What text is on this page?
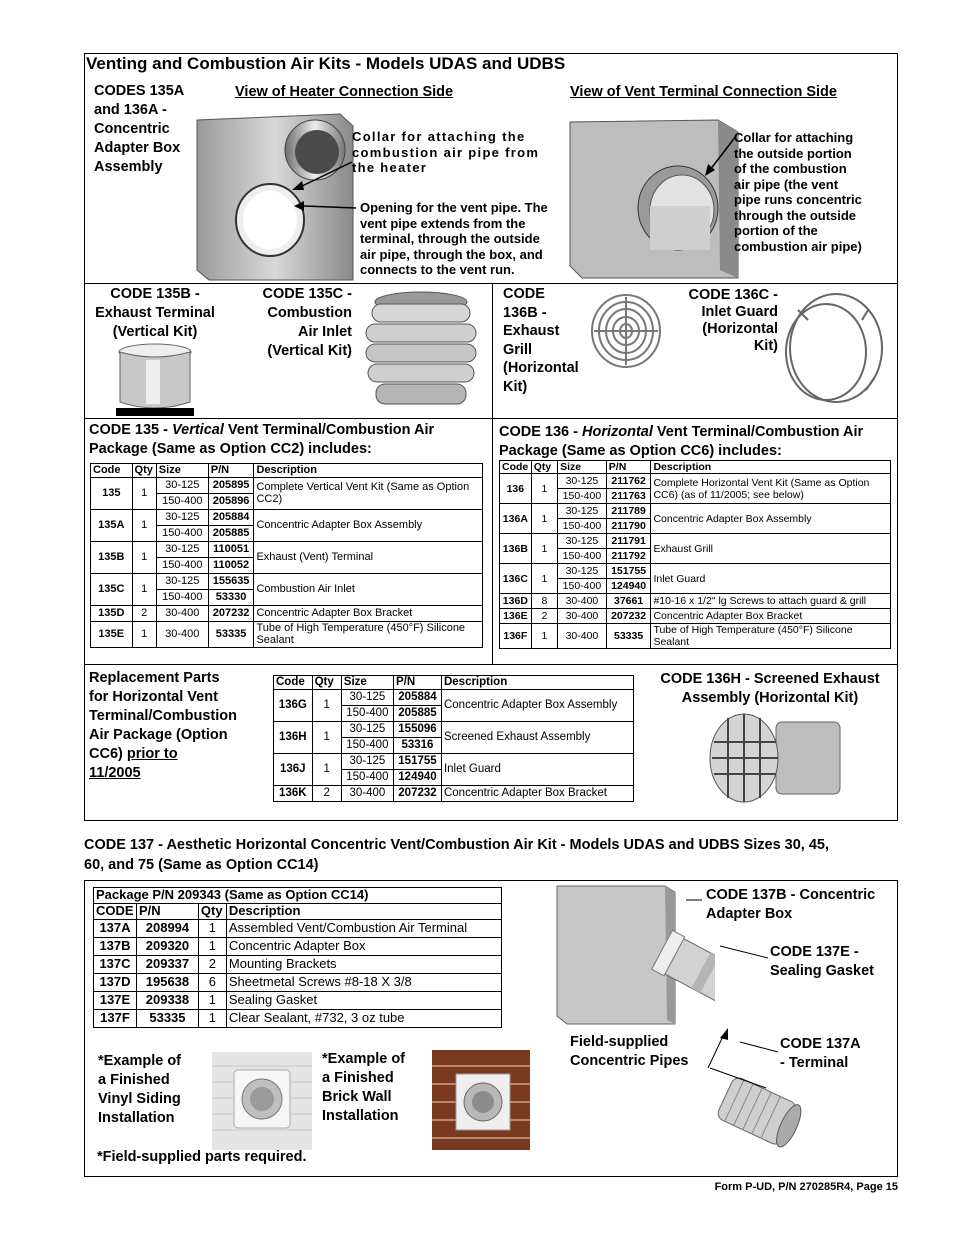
Venting and Combustion Air Kits - Models UDAS and UDBS
CODES 135A
and 136A -
Concentric
Adapter Box
Assembly
View of Heater Connection Side	View of Vent Terminal Connection Side
Collar for attaching the
combustion air pipe from
the heater
Opening for the vent pipe. The
vent pipe extends from the
terminal, through the outside
air pipe, through the box, and
connects to the vent run.
Collar for attaching
the outside portion
of the combustion
air pipe (the vent
pipe runs concentric
through the outside
portion of the
combustion air pipe)
CODE 135B -
Exhaust Terminal
(Vertical Kit)
CODE 135C -
Combustion
Air Inlet
(Vertical Kit)
CODE
136B -
Exhaust
Grill
(Horizontal
Kit)
CODE 136C -
Inlet Guard
(Horizontal
Kit)
CODE 135 - Vertical Vent Terminal/Combustion Air
Package (Same as Option CC2) includes:
Code	Qty	Size	P/N	Description
135	1	30-125	205895	Complete Vertical Vent Kit (Same as Option CC2)
		150-400	205896	
135A	1	30-125	205884	Concentric Adapter Box Assembly
		150-400	205885	
135B	1	30-125	110051	Exhaust (Vent) Terminal
		150-400	110052	
135C	1	30-125	155635	Combustion Air Inlet
		150-400	53330	
135D	2	30-400	207232	Concentric Adapter Box Bracket
135E	1	30-400	53335	Tube of High Temperature (450°F) Silicone Sealant
CODE 136 - Horizontal Vent Terminal/Combustion Air
Package (Same as Option CC6) includes:
Code	Qty	Size	P/N	Description
136	1	30-125	211762	Complete Horizontal Vent Kit (Same as Option CC6) (as of 11/2005; see below)
		150-400	211763	
136A	1	30-125	211789	Concentric Adapter Box Assembly
		150-400	211790	
136B	1	30-125	211791	Exhaust Grill
		150-400	211792	
136C	1	30-125	151755	Inlet Guard
		150-400	124940	
136D	8	30-400	37661	#10-16 x 1/2" lg Screws to attach guard & grill
136E	2	30-400	207232	Concentric Adapter Box Bracket
136F	1	30-400	53335	Tube of High Temperature (450°F) Silicone Sealant
Replacement Parts
for Horizontal Vent
Terminal/Combustion
Air Package (Option
CC6) prior to
11/2005
Code	Qty	Size	P/N	Description
136G	1	30-125	205884	Concentric Adapter Box Assembly
		150-400	205885	
136H	1	30-125	155096	Screened Exhaust Assembly
		150-400	53316	
136J	1	30-125	151755	Inlet Guard
		150-400	124940	
136K	2	30-400	207232	Concentric Adapter Box Bracket
CODE 136H - Screened Exhaust
Assembly (Horizontal Kit)
CODE 137 - Aesthetic Horizontal Concentric Vent/Combustion Air Kit - Models UDAS and UDBS Sizes 30, 45,
60, and 75 (Same as Option CC14)
Package P/N 209343 (Same as Option CC14)			
CODE	P/N	Qty	Description
137A	208994	1	Assembled Vent/Combustion Air Terminal
137B	209320	1	Concentric Adapter Box
137C	209337	2	Mounting Brackets
137D	195638	6	Sheetmetal Screws #8-18 X 3/8
137E	209338	1	Sealing Gasket
137F	53335	1	Clear Sealant, #732, 3 oz tube
*Example of
a Finished
Vinyl Siding
Installation
*Example of
a Finished
Brick Wall
Installation
*Field-supplied parts required.
CODE 137B - Concentric
Adapter Box
CODE 137E -
Sealing Gasket
Field-supplied
Concentric Pipes
CODE 137A
- Terminal
Form P-UD, P/N 270285R4, Page 15
